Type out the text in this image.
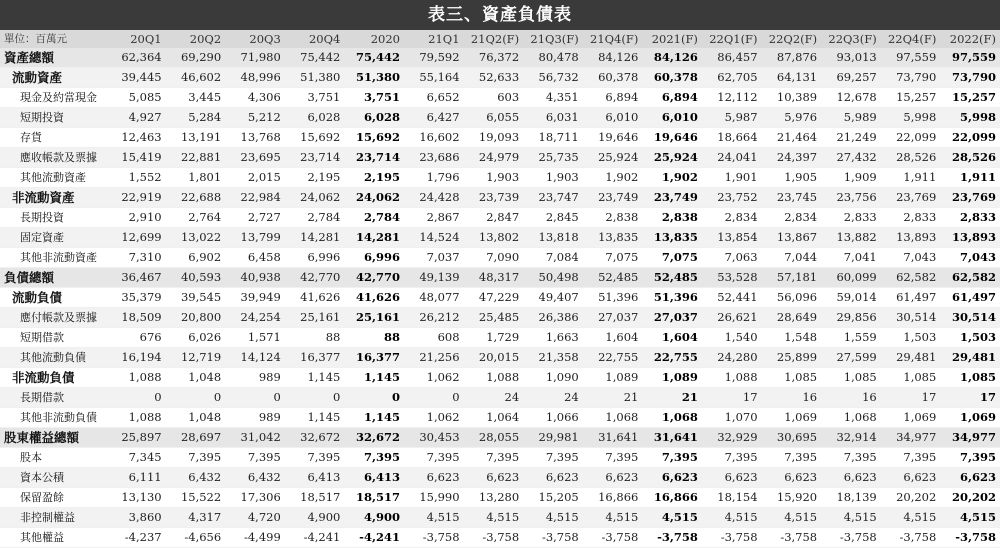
表三、資產負債表
單位：百萬元	20Q1	20Q2	20Q3	20Q4	2020	21Q1	21Q2(F)	21Q3(F)	21Q4(F)	2021(F)	22Q1(F)	22Q2(F)	22Q3(F)	22Q4(F)	2022(F)
資產總額	62,364	69,290	71,980	75,442	75,442	79,592	76,372	80,478	84,126	84,126	86,457	87,876	93,013	97,559	97,559
流動資產	39,445	46,602	48,996	51,380	51,380	55,164	52,633	56,732	60,378	60,378	62,705	64,131	69,257	73,790	73,790
現金及約當現金	5,085	3,445	4,306	3,751	3,751	6,652	603	4,351	6,894	6,894	12,112	10,389	12,678	15,257	15,257
短期投資	4,927	5,284	5,212	6,028	6,028	6,427	6,055	6,031	6,010	6,010	5,987	5,976	5,989	5,998	5,998
存貨	12,463	13,191	13,768	15,692	15,692	16,602	19,093	18,711	19,646	19,646	18,664	21,464	21,249	22,099	22,099
應收帳款及票據	15,419	22,881	23,695	23,714	23,714	23,686	24,979	25,735	25,924	25,924	24,041	24,397	27,432	28,526	28,526
其他流動資產	1,552	1,801	2,015	2,195	2,195	1,796	1,903	1,903	1,902	1,902	1,901	1,905	1,909	1,911	1,911
非流動資產	22,919	22,688	22,984	24,062	24,062	24,428	23,739	23,747	23,749	23,749	23,752	23,745	23,756	23,769	23,769
長期投資	2,910	2,764	2,727	2,784	2,784	2,867	2,847	2,845	2,838	2,838	2,834	2,834	2,833	2,833	2,833
固定資產	12,699	13,022	13,799	14,281	14,281	14,524	13,802	13,818	13,835	13,835	13,854	13,867	13,882	13,893	13,893
其他非流動資產	7,310	6,902	6,458	6,996	6,996	7,037	7,090	7,084	7,075	7,075	7,063	7,044	7,041	7,043	7,043
負債總額	36,467	40,593	40,938	42,770	42,770	49,139	48,317	50,498	52,485	52,485	53,528	57,181	60,099	62,582	62,582
流動負債	35,379	39,545	39,949	41,626	41,626	48,077	47,229	49,407	51,396	51,396	52,441	56,096	59,014	61,497	61,497
應付帳款及票據	18,509	20,800	24,254	25,161	25,161	26,212	25,485	26,386	27,037	27,037	26,621	28,649	29,856	30,514	30,514
短期借款	676	6,026	1,571	88	88	608	1,729	1,663	1,604	1,604	1,540	1,548	1,559	1,503	1,503
其他流動負債	16,194	12,719	14,124	16,377	16,377	21,256	20,015	21,358	22,755	22,755	24,280	25,899	27,599	29,481	29,481
非流動負債	1,088	1,048	989	1,145	1,145	1,062	1,088	1,090	1,089	1,089	1,088	1,085	1,085	1,085	1,085
長期借款	0	0	0	0	0	0	24	24	21	21	17	16	16	17	17
其他非流動負債	1,088	1,048	989	1,145	1,145	1,062	1,064	1,066	1,068	1,068	1,070	1,069	1,068	1,069	1,069
股東權益總額	25,897	28,697	31,042	32,672	32,672	30,453	28,055	29,981	31,641	31,641	32,929	30,695	32,914	34,977	34,977
股本	7,345	7,395	7,395	7,395	7,395	7,395	7,395	7,395	7,395	7,395	7,395	7,395	7,395	7,395	7,395
資本公積	6,111	6,432	6,432	6,413	6,413	6,623	6,623	6,623	6,623	6,623	6,623	6,623	6,623	6,623	6,623
保留盈餘	13,130	15,522	17,306	18,517	18,517	15,990	13,280	15,205	16,866	16,866	18,154	15,920	18,139	20,202	20,202
非控制權益	3,860	4,317	4,720	4,900	4,900	4,515	4,515	4,515	4,515	4,515	4,515	4,515	4,515	4,515	4,515
其他權益	-4,237	-4,656	-4,499	-4,241	-4,241	-3,758	-3,758	-3,758	-3,758	-3,758	-3,758	-3,758	-3,758	-3,758	-3,758
